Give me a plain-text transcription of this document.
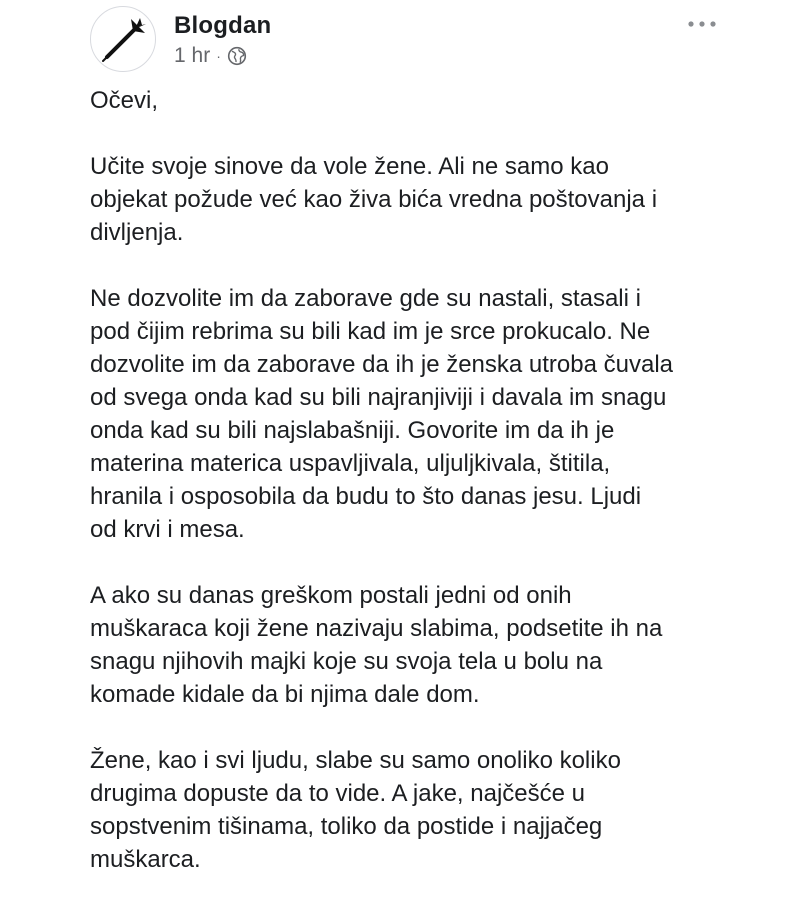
Blogdan
1 hr ·

Očevi,

Učite svoje sinove da vole žene. Ali ne samo kao
objekat požude već kao živa bića vredna poštovanja i
divljenja.

Ne dozvolite im da zaborave gde su nastali, stasali i
pod čijim rebrima su bili kad im je srce prokucalo. Ne
dozvolite im da zaborave da ih je ženska utroba čuvala
od svega onda kad su bili najranjiviji i davala im snagu
onda kad su bili najslabašniji. Govorite im da ih je
materina materica uspavljivala, uljuljkivala, štitila,
hranila i osposobila da budu to što danas jesu. Ljudi
od krvi i mesa.

A ako su danas greškom postali jedni od onih
muškaraca koji žene nazivaju slabima, podsetite ih na
snagu njihovih majki koje su svoja tela u bolu na
komade kidale da bi njima dale dom.

Žene, kao i svi ljudu, slabe su samo onoliko koliko
drugima dopuste da to vide. A jake, najčešće u
sopstvenim tišinama, toliko da postide i najjačeg
muškarca.
